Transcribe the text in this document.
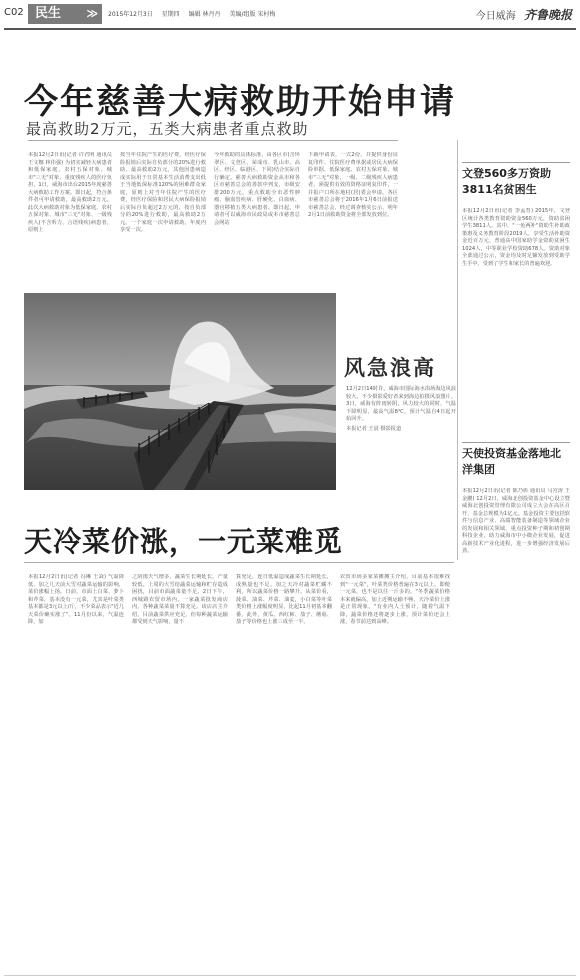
C02 民生 ≫ 2015年12月3日 星期四 编辑 林丹丹 美编/组版 宋村梅	今日威海 齐鲁晚报
今年慈善大病救助开始申请
最高救助2万元，五类大病患者重点救助

本报12月2日讯(记者 许君明 通讯员 王文娜 林伟强) 为切实减轻大病患者和低保家庭、农村五保对象、城市"三无"对象、重度残疾人的医疗负担，1日，威海市出台2015年度慈善大病救助工作方案。即日起，符合条件者可申请救助，最高救助2万元。此次大病救助对象为低保家庭、农村五保对象、城市"三无"对象、一级残疾人(不含听力、言语残疾)病患者，原则上

按当年住院产生的医疗费，经医疗保险报销后实际自负部分的20%进行救助，最高救助2万元，其他因患病造成实际用于日常基本生活消费支出低于当地低保标准120%的困难群众家庭，原则上对当年住院产生的医疗费，经医疗保险和居民大病保险报销后实际自负超过2万元的，按自负部分的20%进行救助，最高救助2万元。一个家庭一次申请救助，年度内享受一次。

今年救助的具体标准，由各区市(含环翠区、文登区、荣成市、乳山市、高区、经区、临港区、下同)结合实际自行确定。慈善大病救助资金从市和各区市慈善总会的善款中列支，市级安排200万元，重点救助全市恶性肿瘤、脑血管疾病、肝硬化、白血病、器官移植五类大病患者。即日起，申请者可以威海市民政局或本市慈善总会网站

下载申请表，一式2份，并提供身份证复印件、住院医疗费单据或居民大病保险单据、低保家庭、农村五保对象、城市"三无"对象、一级、二级残疾人病患者，须提供有效的资格证明复印件，一并报户口所在地村(居)委会申请。各区市慈善总会将于2016年1月6日前报送市慈善总会，经过调查核实公示，明年2月1日前救助资金将全部发放到位。

风急浪高
12月2日14时许，威海市国际海水浴场海边风浪较大，不少摄影爱好者来到海边拍摄风浪图片。3日，威海有阵雨转阴，风力较大的同时，气温下降明显，最高气温8℃，预计气温自4日起开始回升。
本报记者 王晨 摄影报道
天冷菜价涨，一元菜难觅

本报12月2日讯(记者 冯琳 王焱) 气温降低，加之几天前大雪对蔬菜运输的影响，菜价涨幅上扬。日前，市面上白菜、萝卜和芹菜，基本没有一元菜，尤其是叶菜类基本都是3元以上/斤，不少菜品表示"近几天菜价确实涨了"。11月份以来，气温连降，加

之阴雨天气增多，蔬菜生长期延长，产量较低。上周的大雪给蔬菜运输和贮存造成困扰，目前市面蔬菜量不足。2日下午，西城路农贸市场内，一家蔬菜批发商店内，各种蔬菜菜量不算充足。该店店主介绍，目前蔬菜供应充足，但每种蔬菜运输都受到天气影响，量不

算充足，连日低温造成蔬菜生长期延长，成熟量也不足。加之天冷对蔬菜贮藏不利，所以蔬菜价格一路攀升。从菜价看，菠菜、油菜、芹菜、油麦，小白菜等叶菜类价格上涨幅度明显，比起11月初基本翻番，此外，黄瓜、西红柿、茄子、蘑菇、茄子等价格也上涨三成至一半。

农贸市场多家菜摊摊主介绍，目前基本很难找到"一元菜"，叶菜类价格普遍在3元以上，即便一元菜，也不是以往一斤多的。"冬季蔬菜价格本来就偏高，加上近期运输不畅，天冷菜价上涨是正常现象。"有业内人士预计，随着气温下降，蔬菜价格还将逐步上涨，预计菜价还会上涨，春节前达到高峰。

文登560多万资助3811名贫困生

本报12月2日讯(记者 李孟育) 2015年，文登区统计各类教育资助资金560万元，资助贫困学生3811人。其中，"一免两补"资助生补助政策惠及义务教育阶段2019人，享受生活补助资金近百万元，普通高中国家助学金资助贫困生1024人，中等职业学校资助678人。资助对象全部通过公示，资金均及时足额发放到受助学生手中，受到了学生和家长的普遍欢迎。

天使投资基金落地北洋集团

本报12月2日讯(记者 陈乃彰 通讯员 马宫涛 王金鹏) 12月2日，威海北创投资基金中心设立暨威海北创投资管理有限公司成立大会在高区召开，基金总规模为1亿元。基金投资主要包括软件与信息产业、高端智能装备制造等领域企业的发展和相关领域，重点投资种子期和初创期科技企业，助力威海市中小微企业发展，促进高新技术产业化进程，进一步增强经济发展后劲。
